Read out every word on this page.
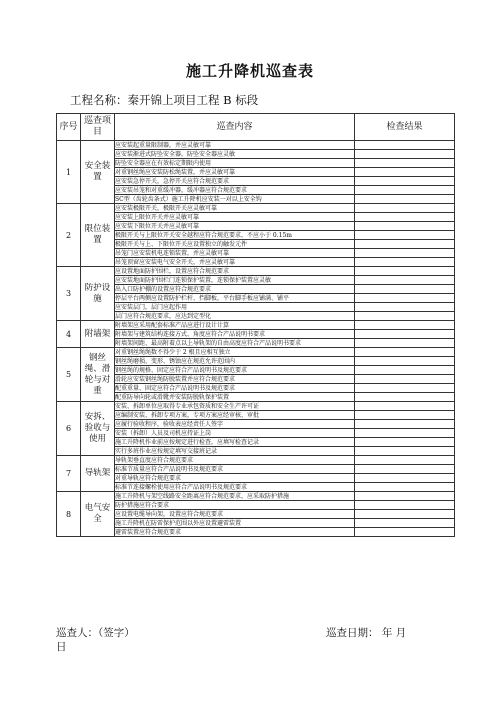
施工升降机巡查表
工程名称：秦开锦上项目工程 B 标段
序号	巡查项目	巡查内容	检查结果
1	安全装置	应安装起重量限制器，并应灵敏可靠	
		应安装渐进式防坠安全器，防坠安全器应灵敏	
		防坠安全器应在有效标定期限内使用	
		对重钢丝绳应安装防松绳装置，并应灵敏可靠	
		应安装急停开关，急停开关应符合规范要求	
		应安装吊笼和对重缓冲器，缓冲器应符合规范要求	
		SC型（齿轮齿条式）施工升降机应安装一对以上安全钩	
2	限位装置	应安装极限开关，极限开关应灵敏可靠	
		应安装上限位开关并应灵敏可靠	
		应安装下限位开关并应灵敏可靠	
		极限开关与上限位开关安全越程应符合规范要求，不应小于 0.15m	
		极限开关与上、下限位开关应设置独立的触发元件	
		吊笼门应安装机电连锁装置，并应灵敏可靠	
		吊笼顶窗应安装电气安全开关，并应灵敏可靠	
3	防护设施	应设置地面防护围栏，设置应符合规范要求	
		应安装地面防护围栏门连锁保护装置，连锁保护装置应灵敏	
		出入口防护棚的设置应符合规范要求	
		停层平台两侧应设置防护栏杆、挡脚板，平台脚手板应铺满、铺平	
		应安装层门，层门应起作用	
		层门应符合规范要求，应达到定型化	
4	附墙架	附墙架应采用配套标准产品应进行设计计算	
		附墙架与建筑结构连接方式、角度应符合产品说明书要求	
		附墙架间距、最高附着点以上导轨架的自由高度应符合产品说明书要求	
5	钢丝绳、滑轮与对重	对重钢丝绳绳数不得少于 2 根且应相互独立	
		钢丝绳磨损、变形、锈蚀应在规范允许范围内	
		钢丝绳的规格、固定应符合产品说明书及规范要求	
		滑轮应安装钢丝绳防脱装置并应符合规范要求	
		配重重量、固定应符合产品说明书及规范要求	
		配重防导向轮或滑靴并安装防脱轨保护装置	
6	安拆、验收与使用	安装、拆卸单位应取得专业承包资质和安全生产许可证	
		应编制安装、拆卸专项方案，专项方案应经审核、审批	
		应履行验收程序，验收表应经责任人签字	
		安装（拆卸）人员及司机应持证上岗	
		施工升降机作业前应按规定进行检查，应填写检查记录	
		实行多班作业应按规定填写交接班记录	
7	导轨架	导轨架垂直度应符合规范要求	
		标准节质量应符合产品说明书及规范要求	
		对重导轨应符合规范要求	
		标准节连接螺栓使用应符合产品说明书及规范要求	
8	电气安全	施工升降机与架空线路安全距离应符合规范要求，应采取防护措施	
		防护措施应符合要求	
		应设置电缆导向架，设置应符合规范要求	
		施工升降机在防雷保护范围以外应设置避雷装置	
		避雷装置应符合规范要求	
巡查人：（签字）	巡查日期： 年 月
日
